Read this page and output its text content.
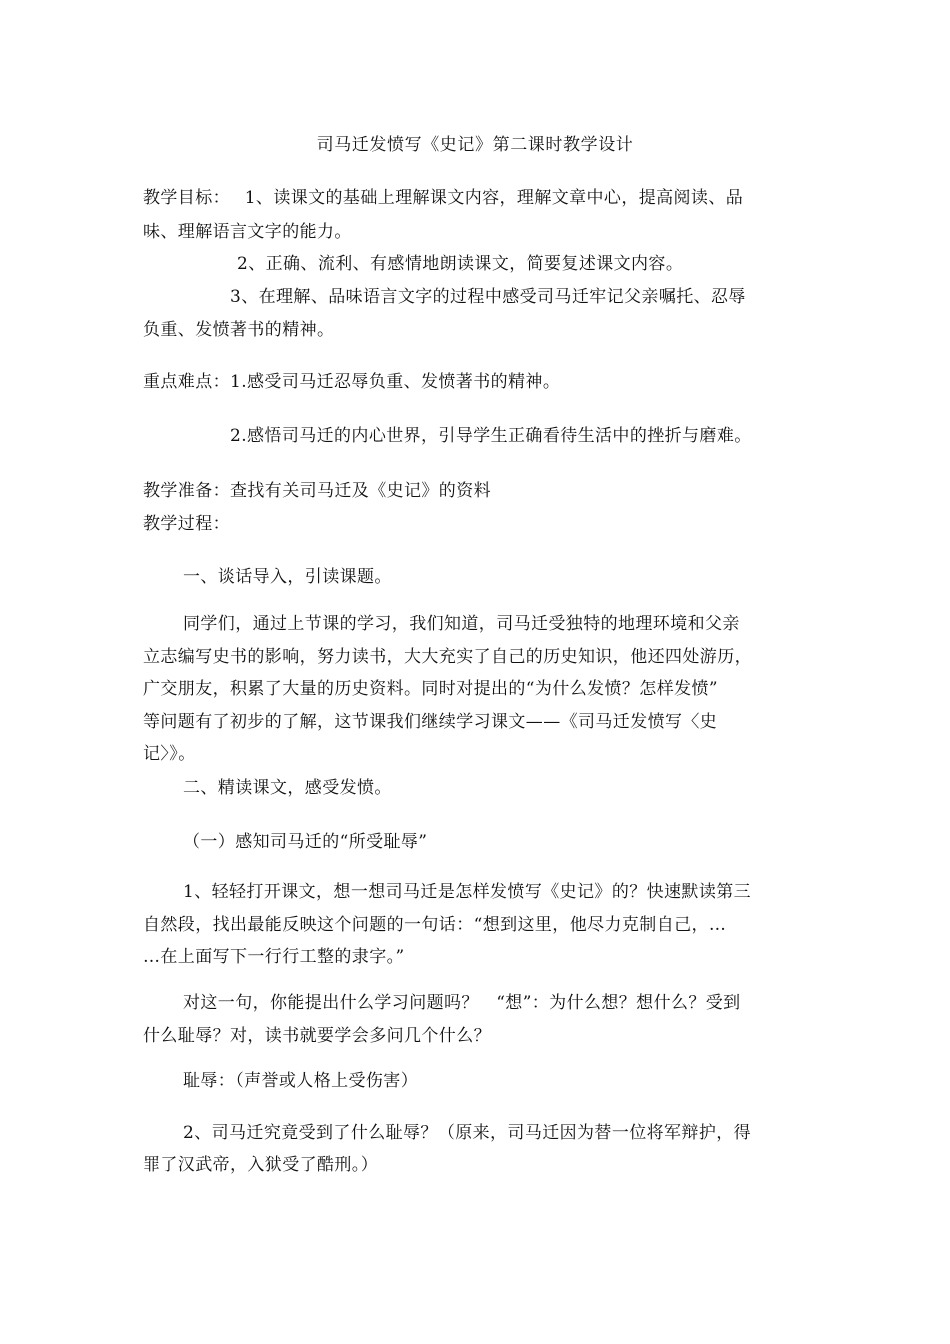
司马迁发愤写《史记》第二课时教学设计
教学目标：　 1、读课文的基础上理解课文内容，理解文章中心，提高阅读、品
味、理解语言文字的能力。
2、正确、流利、有感情地朗读课文，简要复述课文内容。
3、在理解、品味语言文字的过程中感受司马迁牢记父亲嘱托、忍辱
负重、发愤著书的精神。
重点难点：1.感受司马迁忍辱负重、发愤著书的精神。
2.感悟司马迁的内心世界，引导学生正确看待生活中的挫折与磨难。
教学准备：查找有关司马迁及《史记》的资料
教学过程：
一、谈话导入，引读课题。
同学们，通过上节课的学习，我们知道，司马迁受独特的地理环境和父亲
立志编写史书的影响，努力读书，大大充实了自己的历史知识，他还四处游历，
广交朋友，积累了大量的历史资料。同时对提出的“为什么发愤？怎样发愤”
等问题有了初步的了解，这节课我们继续学习课文——《司马迁发愤写〈史
记〉》。
二、精读课文，感受发愤。
（一）感知司马迁的“所受耻辱”
1、轻轻打开课文，想一想司马迁是怎样发愤写《史记》的？快速默读第三
自然段，找出最能反映这个问题的一句话：“想到这里，他尽力克制自己，…
…在上面写下一行行工整的隶字。”
对这一句，你能提出什么学习问题吗？　“想”：为什么想？想什么？受到
什么耻辱？对，读书就要学会多问几个什么？
耻辱：（声誉或人格上受伤害）
2、司马迁究竟受到了什么耻辱？（原来，司马迁因为替一位将军辩护，得
罪了汉武帝，入狱受了酷刑。）
